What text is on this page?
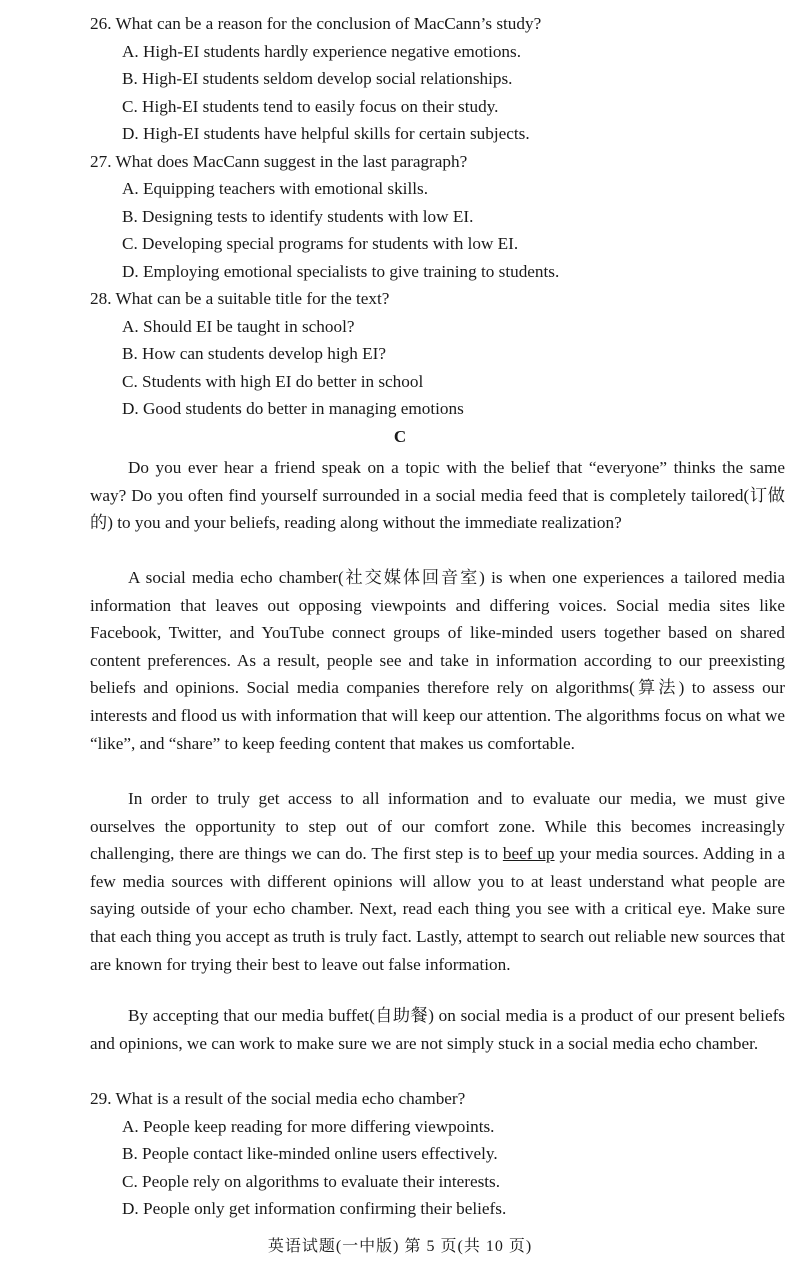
26. What can be a reason for the conclusion of MacCann’s study?
A. High-EI students hardly experience negative emotions.
B. High-EI students seldom develop social relationships.
C. High-EI students tend to easily focus on their study.
D. High-EI students have helpful skills for certain subjects.
27. What does MacCann suggest in the last paragraph?
A. Equipping teachers with emotional skills.
B. Designing tests to identify students with low EI.
C. Developing special programs for students with low EI.
D. Employing emotional specialists to give training to students.
28. What can be a suitable title for the text?
A. Should EI be taught in school?
B. How can students develop high EI?
C. Students with high EI do better in school
D. Good students do better in managing emotions
C
Do you ever hear a friend speak on a topic with the belief that “everyone” thinks the same way? Do you often find yourself surrounded in a social media feed that is completely tailored(订做的) to you and your beliefs, reading along without the immediate realization?
A social media echo chamber(社交媒体回音室) is when one experiences a tailored media information that leaves out opposing viewpoints and differing voices. Social media sites like Facebook, Twitter, and YouTube connect groups of like-minded users together based on shared content preferences. As a result, people see and take in information according to our preexisting beliefs and opinions. Social media companies therefore rely on algorithms(算法) to assess our interests and flood us with information that will keep our attention. The algorithms focus on what we “like”, and “share” to keep feeding content that makes us comfortable.
In order to truly get access to all information and to evaluate our media, we must give ourselves the opportunity to step out of our comfort zone. While this becomes increasingly challenging, there are things we can do. The first step is to beef up your media sources. Adding in a few media sources with different opinions will allow you to at least understand what people are saying outside of your echo chamber. Next, read each thing you see with a critical eye. Make sure that each thing you accept as truth is truly fact. Lastly, attempt to search out reliable new sources that are known for trying their best to leave out false information.
By accepting that our media buffet(自助餐) on social media is a product of our present beliefs and opinions, we can work to make sure we are not simply stuck in a social media echo chamber.
29. What is a result of the social media echo chamber?
A. People keep reading for more differing viewpoints.
B. People contact like-minded online users effectively.
C. People rely on algorithms to evaluate their interests.
D. People only get information confirming their beliefs.
英语试题(一中版) 第 5 页(共 10 页)
